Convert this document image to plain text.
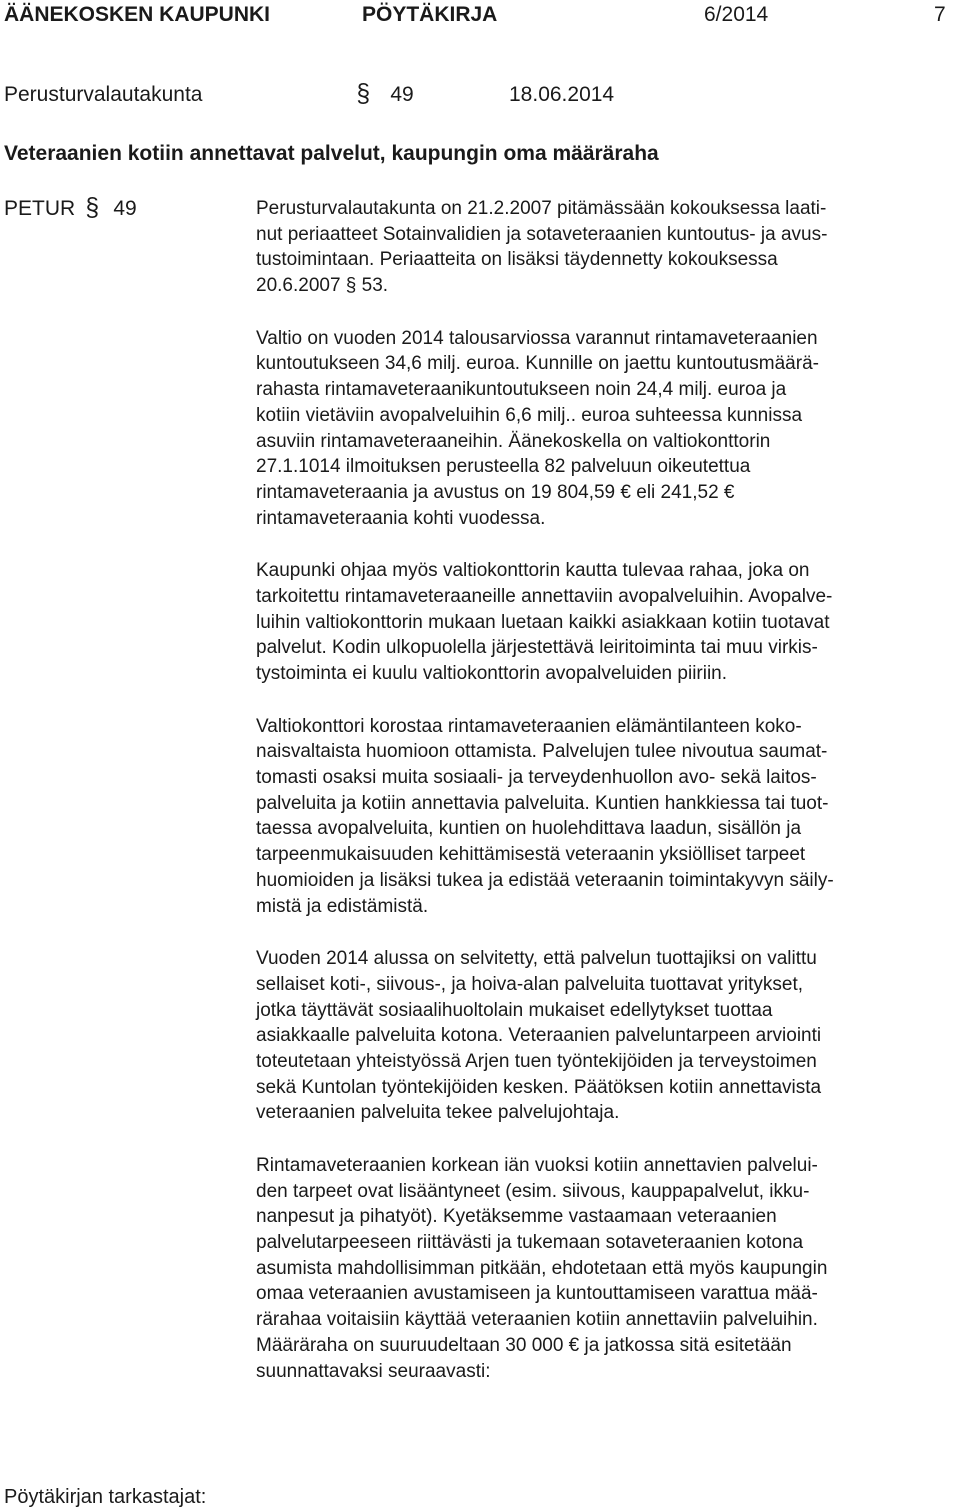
ÄÄNEKOSKEN KAUPUNKI	PÖYTÄKIRJA	6/2014	7
Perusturvalautakunta	§ 49	18.06.2014
Veteraanien kotiin annettavat palvelut, kaupungin oma määräraha
PETUR § 49	Perusturvalautakunta on 21.2.2007 pitämässään kokouksessa laati-
nut periaatteet Sotainvalidien ja sotaveteraanien kuntoutus- ja avus-
tustoimintaan. Periaatteita on lisäksi täydennetty kokouksessa
20.6.2007 § 53.
Valtio on vuoden 2014 talousarviossa varannut rintamaveteraanien
kuntoutukseen 34,6 milj. euroa. Kunnille on jaettu kuntoutusmäärä-
rahasta rintamaveteraanikuntoutukseen noin 24,4 milj. euroa ja
kotiin vietäviin avopalveluihin 6,6 milj.. euroa suhteessa kunnissa
asuviin rintamaveteraaneihin. Äänekoskella on valtiokonttorin
27.1.1014 ilmoituksen perusteella 82 palveluun oikeutettua
rintamaveteraania ja avustus on 19 804,59 € eli 241,52 €
rintamaveteraania kohti vuodessa.
Kaupunki ohjaa myös valtiokonttorin kautta tulevaa rahaa, joka on
tarkoitettu rintamaveteraaneille annettaviin avopalveluihin. Avopalve-
luihin valtiokonttorin mukaan luetaan kaikki asiakkaan kotiin tuotavat
palvelut. Kodin ulkopuolella järjestettävä leiritoiminta tai muu virkis-
tystoiminta ei kuulu valtiokonttorin avopalveluiden piiriin.
Valtiokonttori korostaa rintamaveteraanien elämäntilanteen koko-
naisvaltaista huomioon ottamista. Palvelujen tulee nivoutua saumat-
tomasti osaksi muita sosiaali- ja terveydenhuollon avo- sekä laitos-
palveluita ja kotiin annettavia palveluita. Kuntien hankkiessa tai tuot-
taessa avopalveluita, kuntien on huolehdittava laadun, sisällön ja
tarpeenmukaisuuden kehittämisestä veteraanin yksiölliset tarpeet
huomioiden ja lisäksi tukea ja edistää veteraanin toimintakyvyn säily-
mistä ja edistämistä.
Vuoden 2014 alussa on selvitetty, että palvelun tuottajiksi on valittu
sellaiset koti-, siivous-, ja hoiva-alan palveluita tuottavat yritykset,
jotka täyttävät sosiaalihuoltolain mukaiset edellytykset tuottaa
asiakkaalle palveluita kotona. Veteraanien palveluntarpeen arviointi
toteutetaan yhteistyössä Arjen tuen työntekijöiden ja terveystoimen
sekä Kuntolan työntekijöiden kesken. Päätöksen kotiin annettavista
veteraanien palveluita tekee palvelujohtaja.
Rintamaveteraanien korkean iän vuoksi kotiin annettavien palvelui-
den tarpeet ovat lisääntyneet (esim. siivous, kauppapalvelut, ikku-
nanpesut ja pihatyöt). Kyetäksemme vastaamaan veteraanien
palvelutarpeeseen riittävästi ja tukemaan sotaveteraanien kotona
asumista mahdollisimman pitkään, ehdotetaan että myös kaupungin
omaa veteraanien avustamiseen ja kuntouttamiseen varattua mää-
rärahaa voitaisiin käyttää veteraanien kotiin annettaviin palveluihin.
Määräraha on suuruudeltaan 30 000 € ja jatkossa sitä esitetään
suunnattavaksi seuraavasti:
Pöytäkirjan tarkastajat:
